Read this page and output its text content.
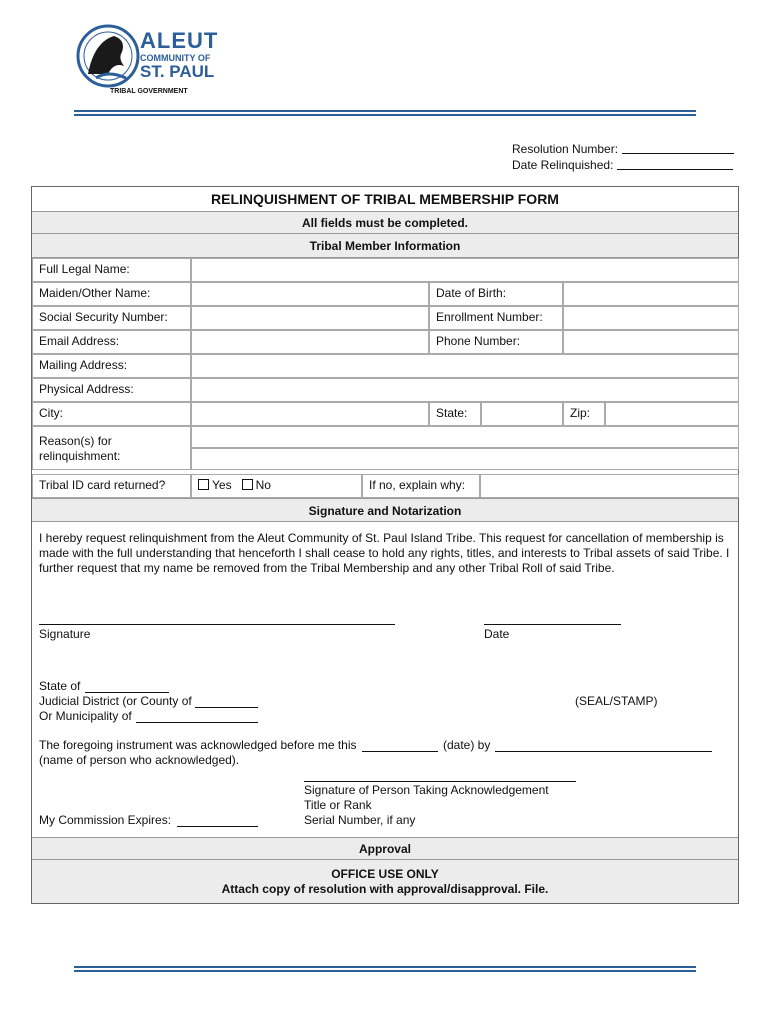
ALEUT
COMMUNITY OF
ST. PAUL
TRIBAL GOVERNMENT
Resolution Number:
Date Relinquished:
RELINQUISHMENT OF TRIBAL MEMBERSHIP FORM
All fields must be completed.
Tribal Member Information
Full Legal Name:
Maiden/Other Name:	Date of Birth:
Social Security Number:	Enrollment Number:
Email Address:	Phone Number:
Mailing Address:
Physical Address:
City:	State:	Zip:
Reason(s) for relinquishment:
Tribal ID card returned?	Yes No	If no, explain why:
Signature and Notarization
I hereby request relinquishment from the Aleut Community of St. Paul Island Tribe. This request for cancellation of membership is made with the full understanding that henceforth I shall cease to hold any rights, titles, and interests to Tribal assets of said Tribe. I further request that my name be removed from the Tribal Membership and any other Tribal Roll of said Tribe.
Signature	Date
State of
Judicial District (or County of
Or Municipality of
(SEAL/STAMP)
The foregoing instrument was acknowledged before me this	(date) by
(name of person who acknowledged).
Signature of Person Taking Acknowledgement
Title or Rank
Serial Number, if any
My Commission Expires:
Approval
OFFICE USE ONLY
Attach copy of resolution with approval/disapproval. File.
